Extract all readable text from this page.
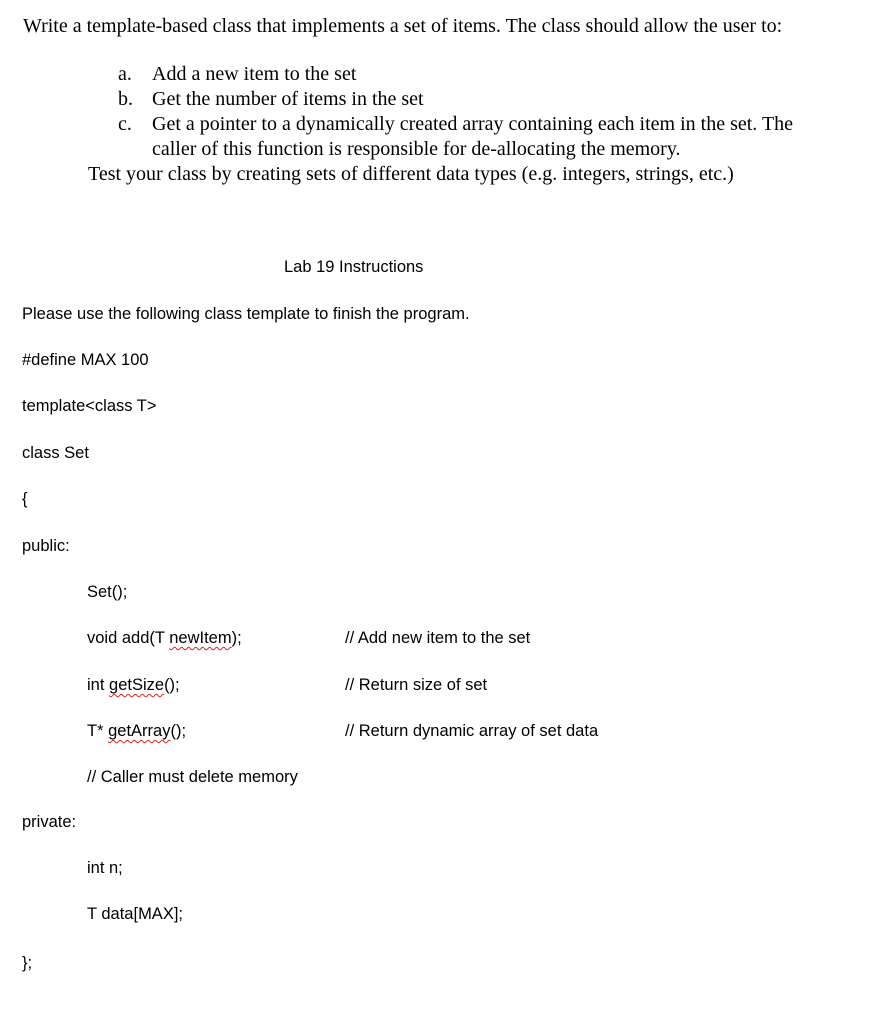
Write a template-based class that implements a set of items. The class should allow the user to:
a. Add a new item to the set
b. Get the number of items in the set
c. Get a pointer to a dynamically created array containing each item in the set. The
caller of this function is responsible for de-allocating the memory.
Test your class by creating sets of different data types (e.g. integers, strings, etc.)
Lab 19 Instructions
Please use the following class template to finish the program.
#define MAX 100
template<class T>
class Set
{
public:
Set();
void add(T newItem);	// Add new item to the set
int getSize();	// Return size of set
T* getArray();	// Return dynamic array of set data
// Caller must delete memory
private:
int n;
T data[MAX];
};
